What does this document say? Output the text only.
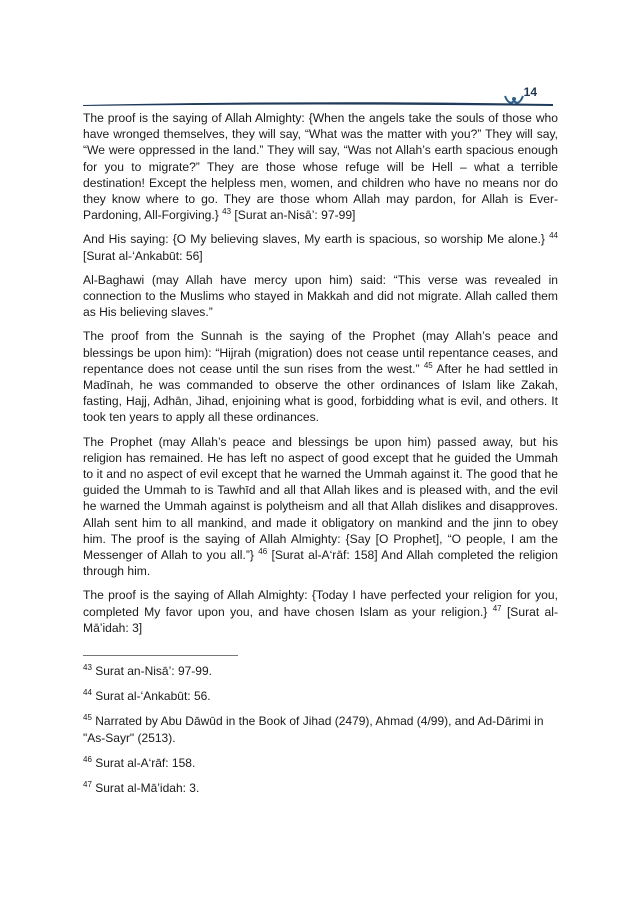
14

The proof is the saying of Allah Almighty: {When the angels take the souls of those who have wronged themselves, they will say, “What was the matter with you?” They will say, “We were oppressed in the land.” They will say, “Was not Allah’s earth spacious enough for you to migrate?” They are those whose refuge will be Hell – what a terrible destination! Except the helpless men, women, and children who have no means nor do they know where to go. They are those whom Allah may pardon, for Allah is Ever- Pardoning, All-Forgiving.} $^{43}$ [Surat an-Nisā’: 97-99]

And His saying: {O My believing slaves, My earth is spacious, so worship Me alone.} $^{44}$ [Surat al-‘Ankabūt: 56]

Al-Baghawi (may Allah have mercy upon him) said: “This verse was revealed in connection to the Muslims who stayed in Makkah and did not migrate. Allah called them as His believing slaves.”

The proof from the Sunnah is the saying of the Prophet (may Allah’s peace and blessings be upon him): “Hijrah (migration) does not cease until repentance ceases, and repentance does not cease until the sun rises from the west.” $^{45}$ After he had settled in Madīnah, he was commanded to observe the other ordinances of Islam like Zakah, fasting, Hajj, Adhān, Jihad, enjoining what is good, forbidding what is evil, and others. It took ten years to apply all these ordinances.

The Prophet (may Allah’s peace and blessings be upon him) passed away, but his religion has remained. He has left no aspect of good except that he guided the Ummah to it and no aspect of evil except that he warned the Ummah against it. The good that he guided the Ummah to is Tawhīd and all that Allah likes and is pleased with, and the evil he warned the Ummah against is polytheism and all that Allah dislikes and disapproves. Allah sent him to all mankind, and made it obligatory on mankind and the jinn to obey him. The proof is the saying of Allah Almighty: {Say [O Prophet], “O people, I am the Messenger of Allah to you all.”} $^{46}$ [Surat al-A‘rāf: 158] And Allah completed the religion through him.

The proof is the saying of Allah Almighty: {Today I have perfected your religion for you, completed My favor upon you, and have chosen Islam as your religion.} $^{47}$ [Surat al-Mā’idah: 3]

$^{43}$ Surat an-Nisā’: 97-99.
$^{44}$ Surat al-‘Ankabūt: 56.
$^{45}$ Narrated by Abu Dāwūd in the Book of Jihad (2479), Ahmad (4/99), and Ad-Dārimi in "As-Sayr" (2513).
$^{46}$ Surat al-A‘rāf: 158.
$^{47}$ Surat al-Mā’idah: 3.
